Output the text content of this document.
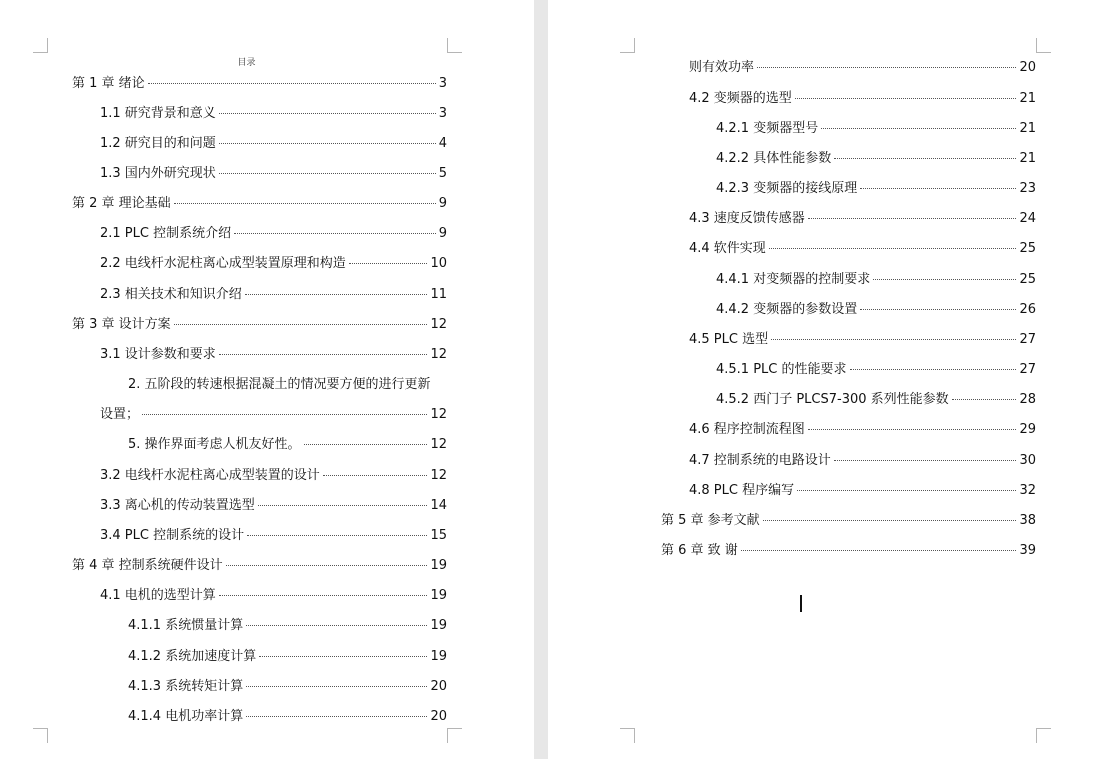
目录
第 1 章 绪论	3
1.1 研究背景和意义	3
1.2 研究目的和问题	4
1.3 国内外研究现状	5
第 2 章 理论基础	9
2.1 PLC 控制系统介绍	9
2.2 电线杆水泥柱离心成型装置原理和构造	10
2.3 相关技术和知识介绍	11
第 3 章 设计方案	12
3.1 设计参数和要求	12
2. 五阶段的转速根据混凝土的情况要方便的进行更新
设置；	12
5. 操作界面考虑人机友好性。	12
3.2 电线杆水泥柱离心成型装置的设计	12
3.3 离心机的传动装置选型	14
3.4 PLC 控制系统的设计	15
第 4 章 控制系统硬件设计	19
4.1 电机的选型计算	19
4.1.1 系统惯量计算	19
4.1.2 系统加速度计算	19
4.1.3 系统转矩计算	20
4.1.4 电机功率计算	20
则有效功率	20
4.2 变频器的选型	21
4.2.1 变频器型号	21
4.2.2 具体性能参数	21
4.2.3 变频器的接线原理	23
4.3 速度反馈传感器	24
4.4 软件实现	25
4.4.1 对变频器的控制要求	25
4.4.2 变频器的参数设置	26
4.5 PLC 选型	27
4.5.1 PLC 的性能要求	27
4.5.2 西门子 PLCS7-300 系列性能参数	28
4.6 程序控制流程图	29
4.7 控制系统的电路设计	30
4.8 PLC 程序编写	32
第 5 章 参考文献	38
第 6 章 致 谢	39
